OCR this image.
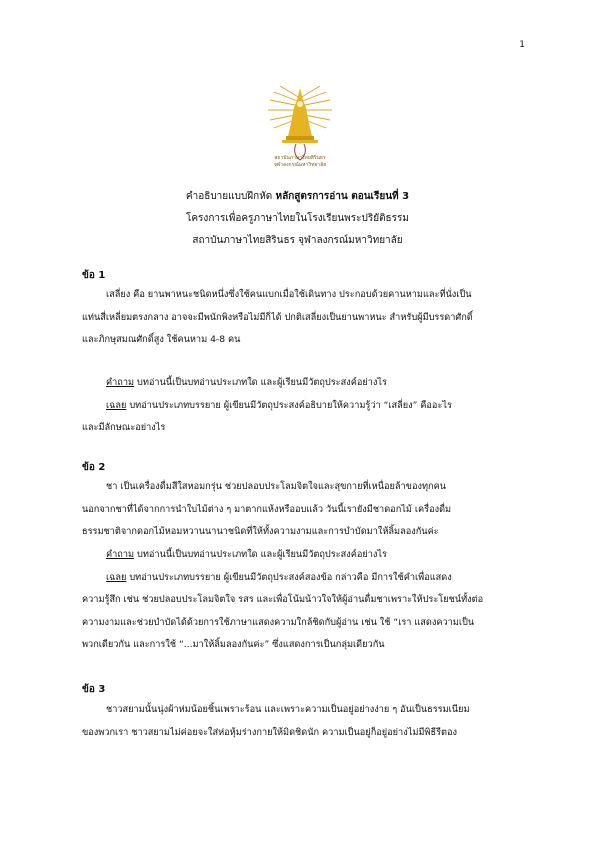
1
สถาบันภาษาไทยสิรินธร
จุฬาลงกรณ์มหาวิทยาลัย
คำอธิบายแบบฝึกหัด หลักสูตรการอ่าน ตอนเรียนที่ 3
โครงการเพื่อครูภาษาไทยในโรงเรียนพระปริยัติธรรม
สถาบันภาษาไทยสิรินธร จุฬาลงกรณ์มหาวิทยาลัย
ข้อ 1
เสลี่ยง คือ ยานพาหนะชนิดหนึ่งซึ่งใช้คนแบกเมื่อใช้เดินทาง ประกอบด้วยคานหามและที่นั่งเป็น
แท่นสี่เหลี่ยมตรงกลาง อาจจะมีพนักพิงหรือไม่มีก็ได้ ปกติเสลี่ยงเป็นยานพาหนะ สำหรับผู้มีบรรดาศักดิ์
และภิกษุสมณศักดิ์สูง ใช้คนหาม 4-8 คน
คำถาม บทอ่านนี้เป็นบทอ่านประเภทใด และผู้เรียนมีวัตถุประสงค์อย่างไร
เฉลย บทอ่านประเภทบรรยาย ผู้เขียนมีวัตถุประสงค์อธิบายให้ความรู้ว่า “เสลี่ยง” คืออะไร
และมีลักษณะอย่างไร
ข้อ 2
ชา เป็นเครื่องดื่มสีใสหอมกรุ่น ช่วยปลอบประโลมจิตใจและสุขกายที่เหนื่อยล้าของทุกคน
นอกจากชาที่ได้จากการนำใบไม้ต่าง ๆ มาตากแห้งหรืออบแล้ว วันนี้เรายังมีชาดอกไม้ เครื่องดื่ม
ธรรมชาติจากดอกไม้หอมหวานนานาชนิดที่ให้ทั้งความงามและการบำบัดมาให้ลิ้มลองกันค่ะ
คำถาม บทอ่านนี้เป็นบทอ่านประเภทใด และผู้เรียนมีวัตถุประสงค์อย่างไร
เฉลย บทอ่านประเภทบรรยาย ผู้เขียนมีวัตถุประสงค์สองข้อ กล่าวคือ มีการใช้คำเพื่อแสดง
ความรู้สึก เช่น ช่วยปลอบประโลมจิตใจ รสร และเพื่อโน้มน้าวใจให้ผู้อ่านดื่มชาเพราะให้ประโยชน์ทั้งต่อ
ความงามและช่วยบำบัดได้ด้วยการใช้ภาษาแสดงความใกล้ชิดกับผู้อ่าน เช่น ใช้ “เรา แสดงความเป็น
พวกเดียวกัน และการใช้ “...มาให้ลิ้มลองกันค่ะ” ซึ่งแสดงการเป็นกลุ่มเดียวกัน
ข้อ 3
ชาวสยามนั้นนุ่งผ้าห่มน้อยชิ้นเพราะร้อน และเพราะความเป็นอยู่อย่างง่าย ๆ อันเป็นธรรมเนียม
ของพวกเรา ชาวสยามไม่ค่อยจะใส่ห่อหุ้มร่างกายให้มิดชิดนัก ความเป็นอยู่ก็อยู่อย่างไม่มีพิธีรีตอง
